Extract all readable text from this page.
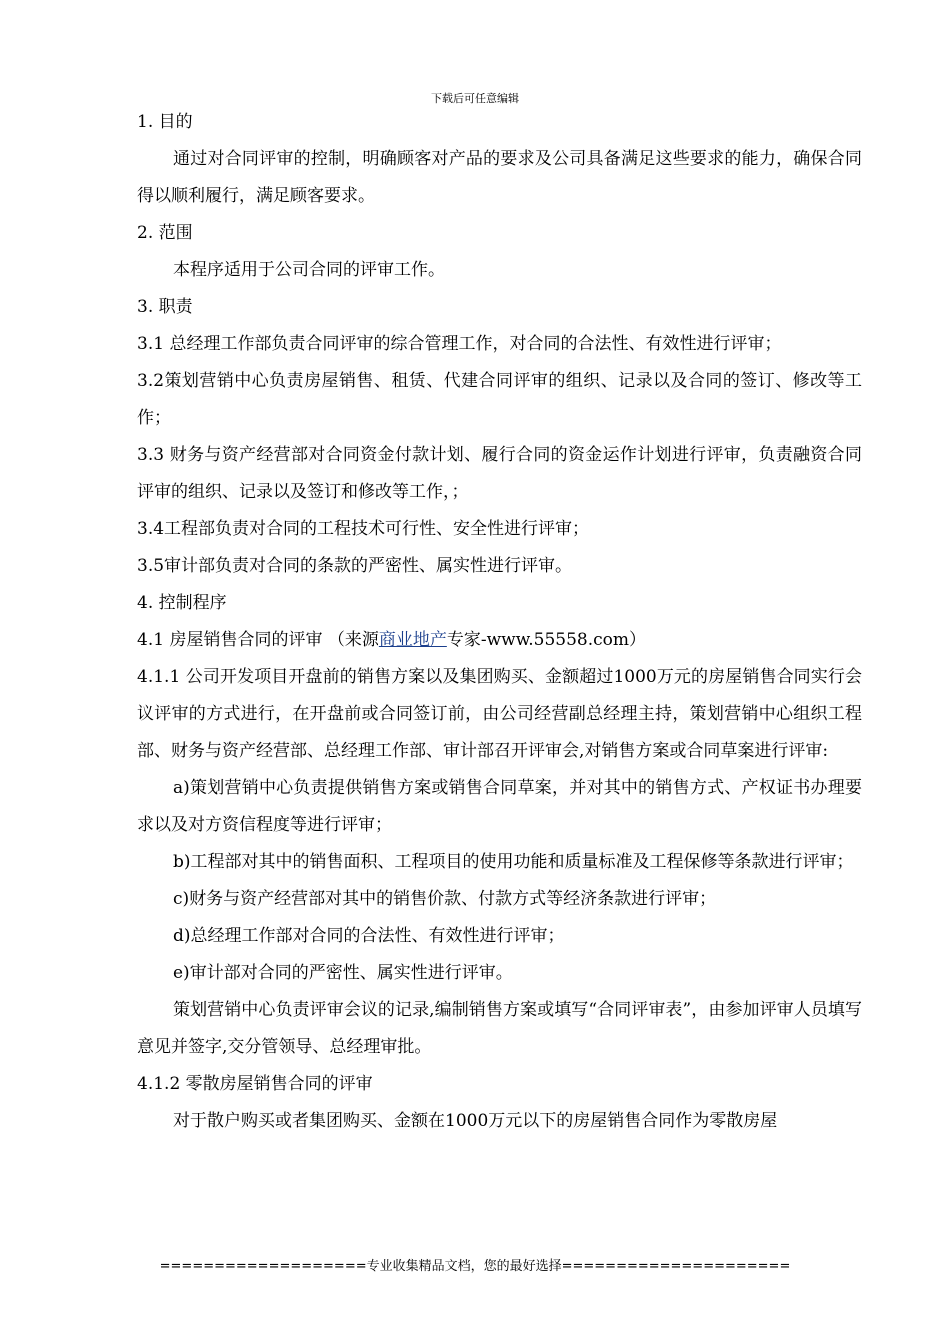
下载后可任意编辑

1. 目的

通过对合同评审的控制，明确顾客对产品的要求及公司具备满足这些要求的能力，确保合同得以顺利履行，满足顾客要求。

2. 范围

本程序适用于公司合同的评审工作。

3. 职责

3.1 总经理工作部负责合同评审的综合管理工作，对合同的合法性、有效性进行评审；

3.2策划营销中心负责房屋销售、租赁、代建合同评审的组织、记录以及合同的签订、修改等工作；

3.3 财务与资产经营部对合同资金付款计划、履行合同的资金运作计划进行评审，负责融资合同评审的组织、记录以及签订和修改等工作，；

3.4工程部负责对合同的工程技术可行性、安全性进行评审；

3.5审计部负责对合同的条款的严密性、属实性进行评审。

4. 控制程序

4.1 房屋销售合同的评审 （来源商业地产专家-www.55558.com）

4.1.1 公司开发项目开盘前的销售方案以及集团购买、金额超过1000万元的房屋销售合同实行会议评审的方式进行，在开盘前或合同签订前，由公司经营副总经理主持，策划营销中心组织工程部、财务与资产经营部、总经理工作部、审计部召开评审会,对销售方案或合同草案进行评审:

a)策划营销中心负责提供销售方案或销售合同草案，并对其中的销售方式、产权证书办理要求以及对方资信程度等进行评审；

b)工程部对其中的销售面积、工程项目的使用功能和质量标准及工程保修等条款进行评审；

c)财务与资产经营部对其中的销售价款、付款方式等经济条款进行评审；

d)总经理工作部对合同的合法性、有效性进行评审；

e)审计部对合同的严密性、属实性进行评审。

策划营销中心负责评审会议的记录,编制销售方案或填写“合同评审表”，由参加评审人员填写意见并签字,交分管领导、总经理审批。

4.1.2 零散房屋销售合同的评审

对于散户购买或者集团购买、金额在1000万元以下的房屋销售合同作为零散房屋

===================专业收集精品文档，您的最好选择=====================
